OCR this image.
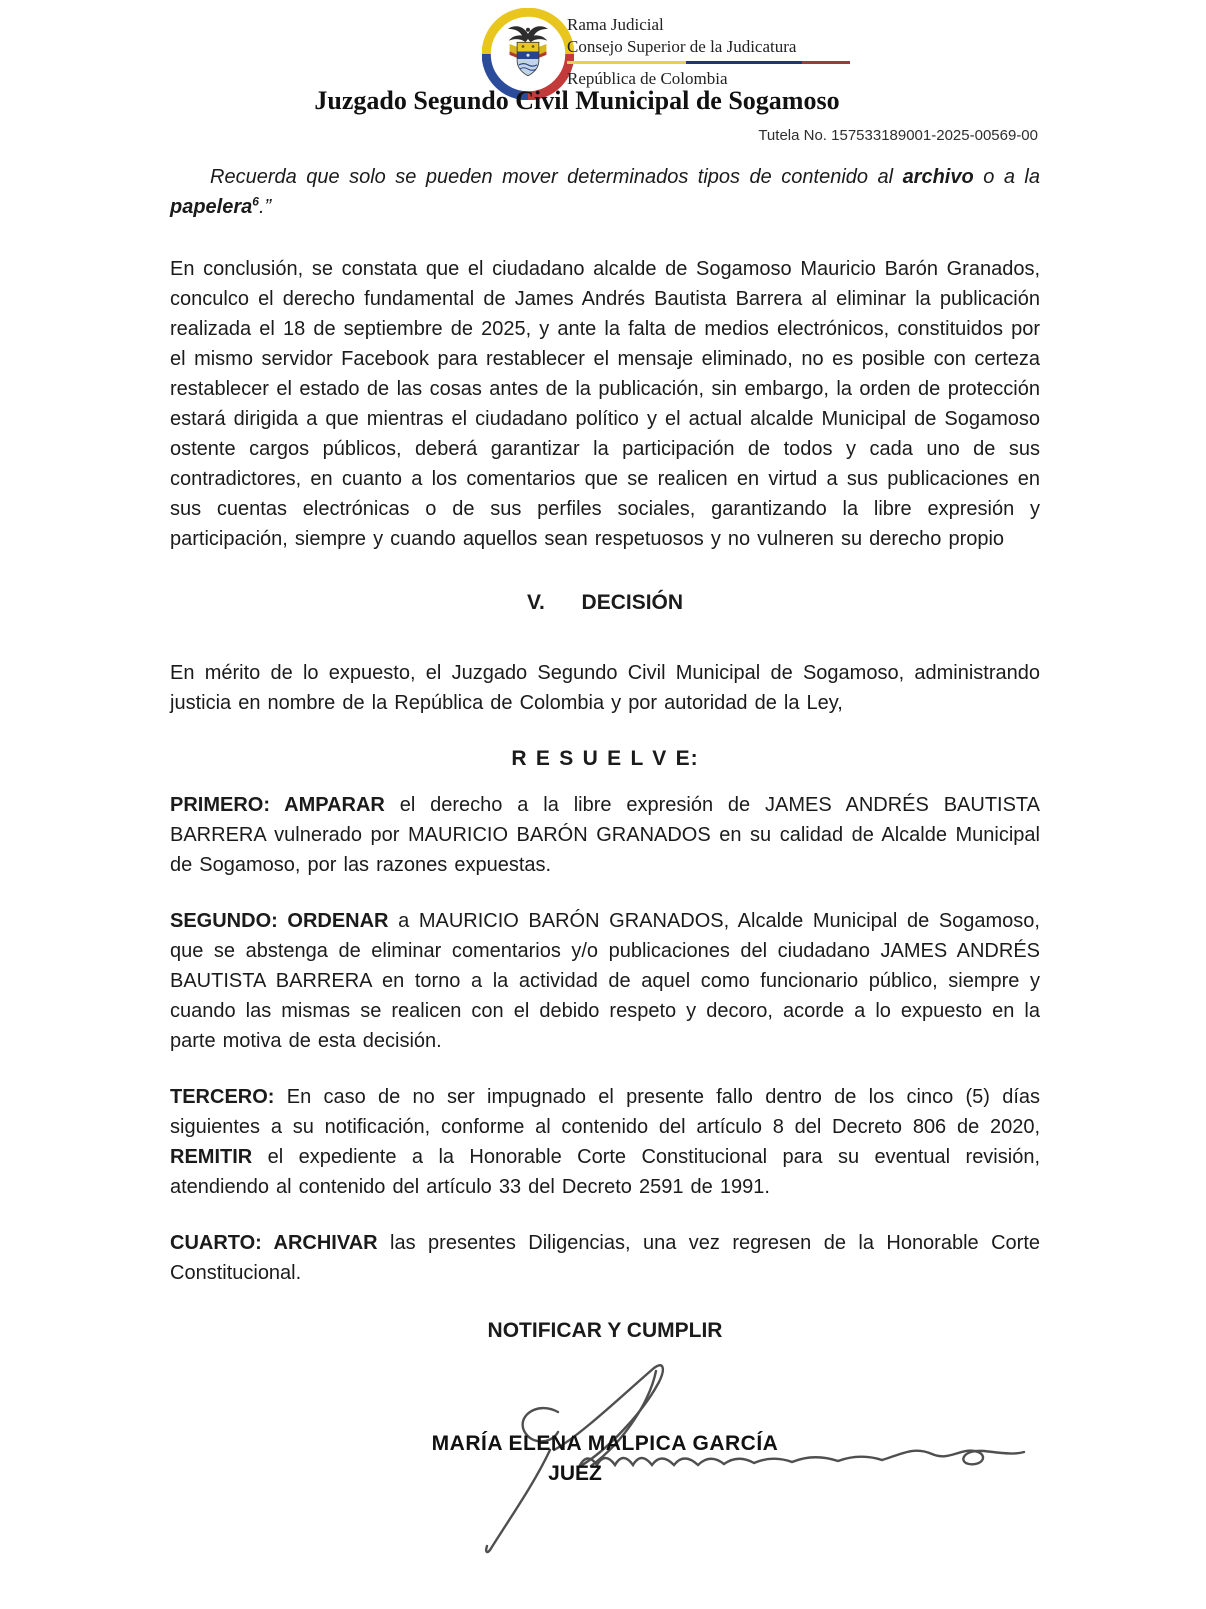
Rama Judicial
Consejo Superior de la Judicatura
República de Colombia
Juzgado Segundo Civil Municipal de Sogamoso
Tutela No. 157533189001-2025-00569-00

Recuerda que solo se pueden mover determinados tipos de contenido al archivo o a la papelera$^6$.”

En conclusión, se constata que el ciudadano alcalde de Sogamoso Mauricio Barón Granados, conculco el derecho fundamental de James Andrés Bautista Barrera al eliminar la publicación realizada el 18 de septiembre de 2025, y ante la falta de medios electrónicos, constituidos por el mismo servidor Facebook para restablecer el mensaje eliminado, no es posible con certeza restablecer el estado de las cosas antes de la publicación, sin embargo, la orden de protección estará dirigida a que mientras el ciudadano político y el actual alcalde Municipal de Sogamoso ostente cargos públicos, deberá garantizar la participación de todos y cada uno de sus contradictores, en cuanto a los comentarios que se realicen en virtud a sus publicaciones en sus cuentas electrónicas o de sus perfiles sociales, garantizando la libre expresión y participación, siempre y cuando aquellos sean respetuosos y no vulneren su derecho propio

V.     DECISIÓN

En mérito de lo expuesto, el Juzgado Segundo Civil Municipal de Sogamoso, administrando justicia en nombre de la República de Colombia y por autoridad de la Ley,

R E S U E L V E:

PRIMERO: AMPARAR el derecho a la libre expresión de JAMES ANDRÉS BAUTISTA BARRERA vulnerado por MAURICIO BARÓN GRANADOS en su calidad de Alcalde Municipal de Sogamoso, por las razones expuestas.

SEGUNDO: ORDENAR a MAURICIO BARÓN GRANADOS, Alcalde Municipal de Sogamoso, que se abstenga de eliminar comentarios y/o publicaciones del ciudadano JAMES ANDRÉS BAUTISTA BARRERA en torno a la actividad de aquel como funcionario público, siempre y cuando las mismas se realicen con el debido respeto y decoro, acorde a lo expuesto en la parte motiva de esta decisión.

TERCERO: En caso de no ser impugnado el presente fallo dentro de los cinco (5) días siguientes a su notificación, conforme al contenido del artículo 8 del Decreto 806 de 2020, REMITIR el expediente a la Honorable Corte Constitucional para su eventual revisión, atendiendo al contenido del artículo 33 del Decreto 2591 de 1991.

CUARTO: ARCHIVAR las presentes Diligencias, una vez regresen de la Honorable Corte Constitucional.

NOTIFICAR Y CUMPLIR
MARÍA ELENA MALPICA GARCÍA
JUEZ
